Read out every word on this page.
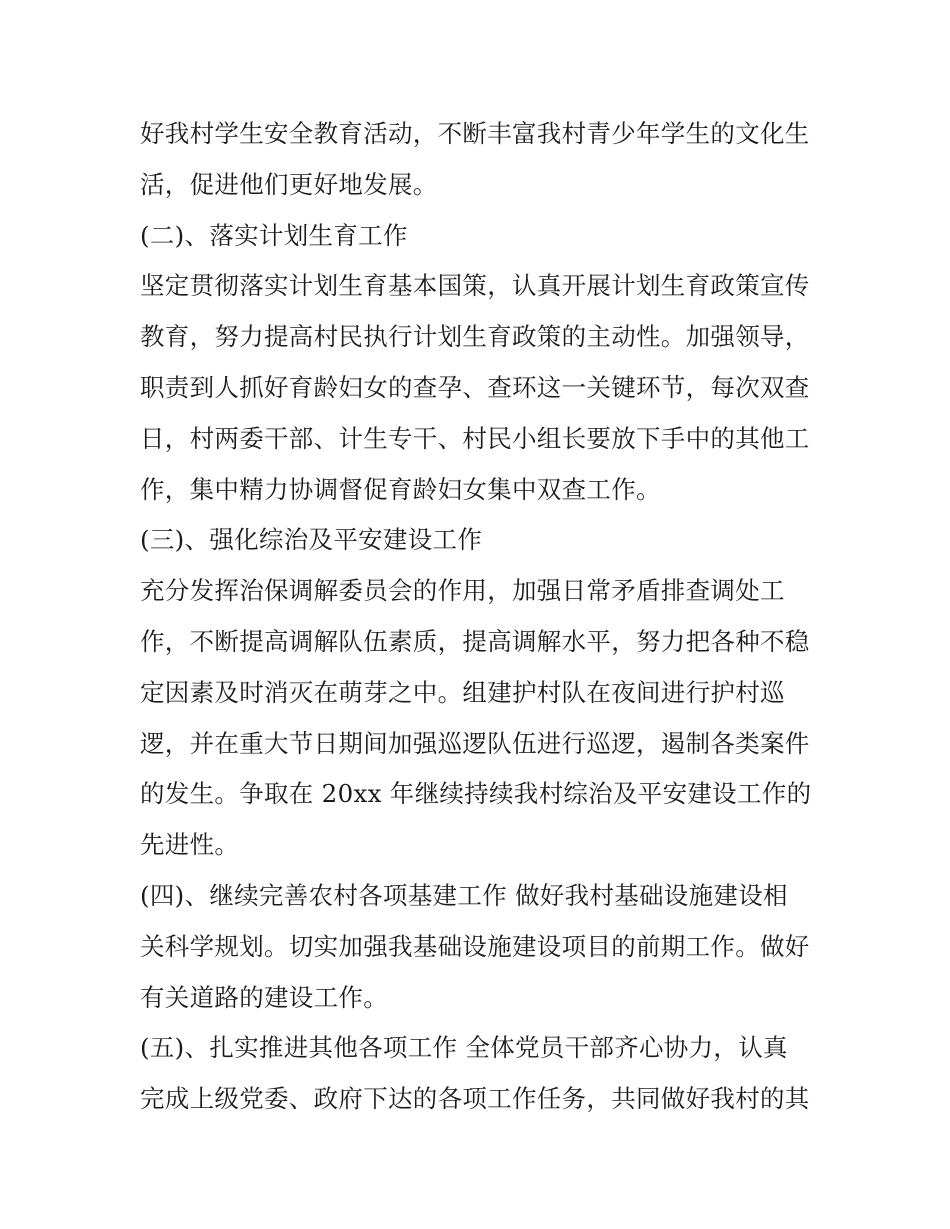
好我村学生安全教育活动，不断丰富我村青少年学生的文化生
活，促进他们更好地发展。
(二)、落实计划生育工作
坚定贯彻落实计划生育基本国策，认真开展计划生育政策宣传
教育，努力提高村民执行计划生育政策的主动性。加强领导，
职责到人抓好育龄妇女的查孕、查环这一关键环节，每次双查
日，村两委干部、计生专干、村民小组长要放下手中的其他工
作，集中精力协调督促育龄妇女集中双查工作。
(三)、强化综治及平安建设工作
充分发挥治保调解委员会的作用，加强日常矛盾排查调处工
作，不断提高调解队伍素质，提高调解水平，努力把各种不稳
定因素及时消灭在萌芽之中。组建护村队在夜间进行护村巡
逻，并在重大节日期间加强巡逻队伍进行巡逻，遏制各类案件
的发生。争取在 20xx 年继续持续我村综治及平安建设工作的
先进性。
(四)、继续完善农村各项基建工作 做好我村基础设施建设相
关科学规划。切实加强我基础设施建设项目的前期工作。做好
有关道路的建设工作。
(五)、扎实推进其他各项工作 全体党员干部齐心协力，认真
完成上级党委、政府下达的各项工作任务，共同做好我村的其
